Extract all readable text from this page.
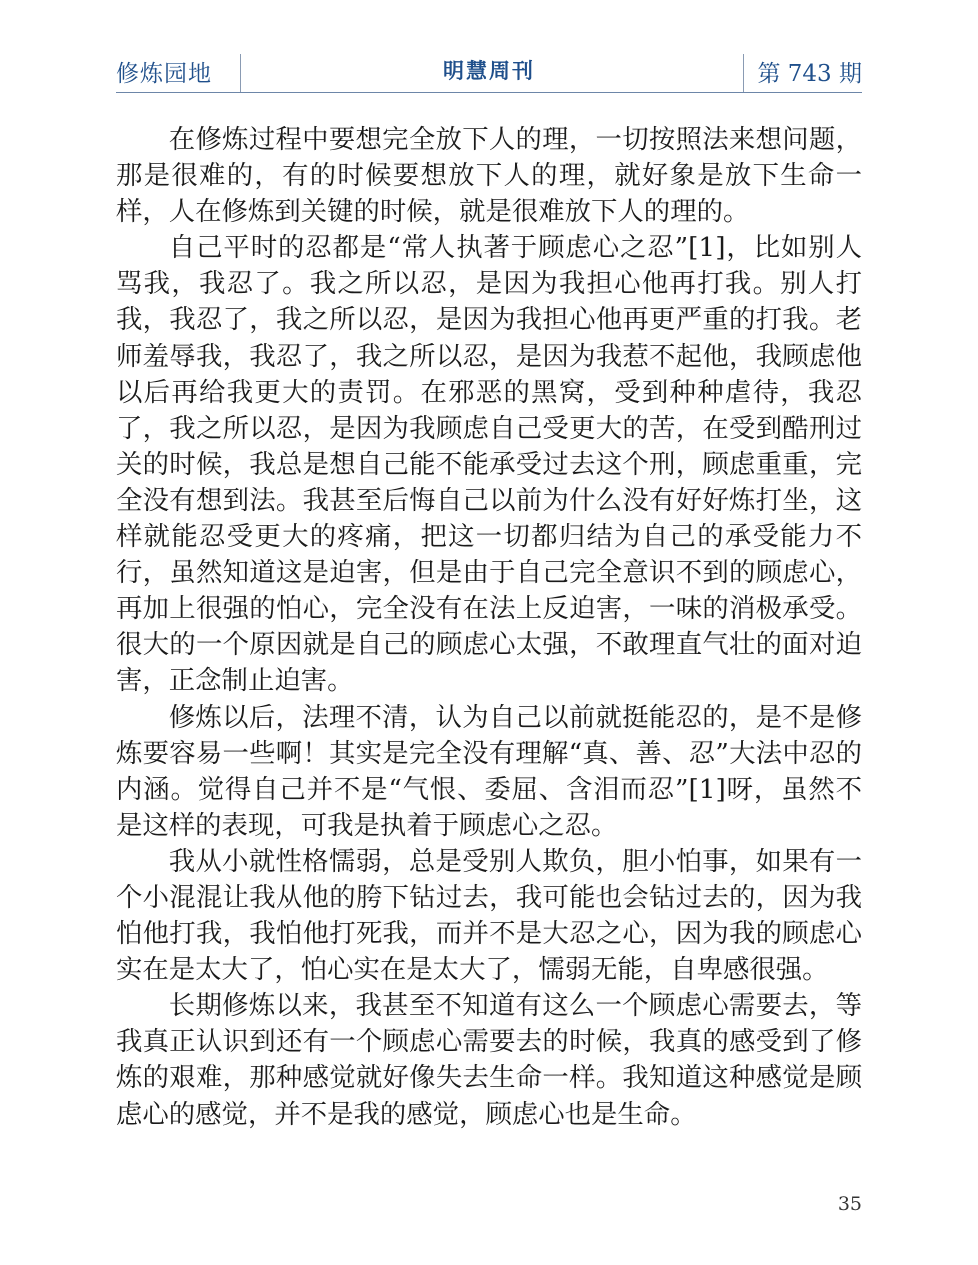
修炼园地	明慧周刊	第 743 期

在修炼过程中要想完全放下人的理，一切按照法来想问题，那是很难的，有的时候要想放下人的理，就好象是放下生命一样，人在修炼到关键的时候，就是很难放下人的理的。

自己平时的忍都是“常人执著于顾虑心之忍”[1]，比如别人骂我，我忍了。我之所以忍，是因为我担心他再打我。别人打我，我忍了，我之所以忍，是因为我担心他再更严重的打我。老师羞辱我，我忍了，我之所以忍，是因为我惹不起他，我顾虑他以后再给我更大的责罚。在邪恶的黑窝，受到种种虐待，我忍了，我之所以忍，是因为我顾虑自己受更大的苦，在受到酷刑过关的时候，我总是想自己能不能承受过去这个刑，顾虑重重，完全没有想到法。我甚至后悔自己以前为什么没有好好炼打坐，这样就能忍受更大的疼痛，把这一切都归结为自己的承受能力不行，虽然知道这是迫害，但是由于自己完全意识不到的顾虑心，再加上很强的怕心，完全没有在法上反迫害，一味的消极承受。很大的一个原因就是自己的顾虑心太强，不敢理直气壮的面对迫害，正念制止迫害。

修炼以后，法理不清，认为自己以前就挺能忍的，是不是修炼要容易一些啊！其实是完全没有理解“真、善、忍”大法中忍的内涵。觉得自己并不是“气恨、委屈、含泪而忍”[1]呀，虽然不是这样的表现，可我是执着于顾虑心之忍。

我从小就性格懦弱，总是受别人欺负，胆小怕事，如果有一个小混混让我从他的胯下钻过去，我可能也会钻过去的，因为我怕他打我，我怕他打死我，而并不是大忍之心，因为我的顾虑心实在是太大了，怕心实在是太大了，懦弱无能，自卑感很强。

长期修炼以来，我甚至不知道有这么一个顾虑心需要去，等我真正认识到还有一个顾虑心需要去的时候，我真的感受到了修炼的艰难，那种感觉就好像失去生命一样。我知道这种感觉是顾虑心的感觉，并不是我的感觉，顾虑心也是生命。

35
